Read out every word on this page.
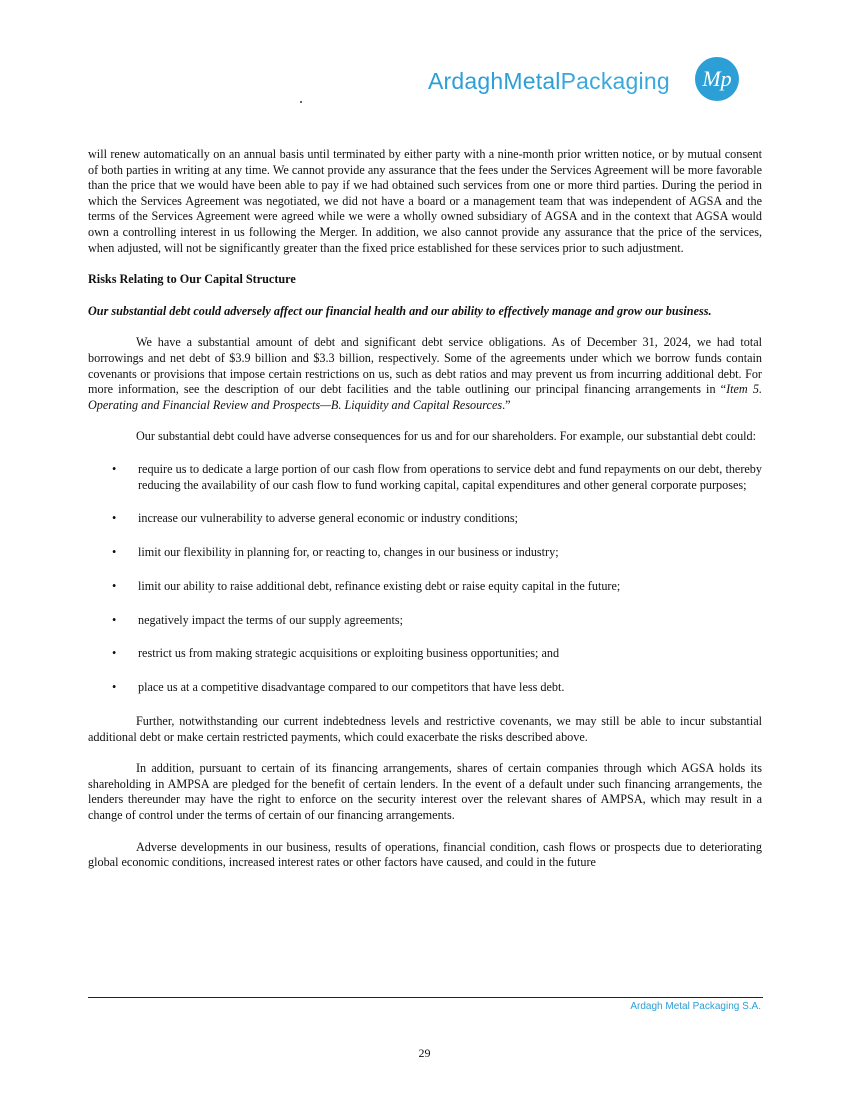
ArdaghMetalPackaging Mp

will renew automatically on an annual basis until terminated by either party with a nine-month prior written notice, or by mutual consent of both parties in writing at any time. We cannot provide any assurance that the fees under the Services Agreement will be more favorable than the price that we would have been able to pay if we had obtained such services from one or more third parties. During the period in which the Services Agreement was negotiated, we did not have a board or a management team that was independent of AGSA and the terms of the Services Agreement were agreed while we were a wholly owned subsidiary of AGSA and in the context that AGSA would own a controlling interest in us following the Merger. In addition, we also cannot provide any assurance that the price of the services, when adjusted, will not be significantly greater than the fixed price established for these services prior to such adjustment.

Risks Relating to Our Capital Structure

Our substantial debt could adversely affect our financial health and our ability to effectively manage and grow our business.

We have a substantial amount of debt and significant debt service obligations. As of December 31, 2024, we had total borrowings and net debt of $3.9 billion and $3.3 billion, respectively. Some of the agreements under which we borrow funds contain covenants or provisions that impose certain restrictions on us, such as debt ratios and may prevent us from incurring additional debt. For more information, see the description of our debt facilities and the table outlining our principal financing arrangements in “Item 5. Operating and Financial Review and Prospects—B. Liquidity and Capital Resources.”

Our substantial debt could have adverse consequences for us and for our shareholders. For example, our substantial debt could:

• require us to dedicate a large portion of our cash flow from operations to service debt and fund repayments on our debt, thereby reducing the availability of our cash flow to fund working capital, capital expenditures and other general corporate purposes;
• increase our vulnerability to adverse general economic or industry conditions;
• limit our flexibility in planning for, or reacting to, changes in our business or industry;
• limit our ability to raise additional debt, refinance existing debt or raise equity capital in the future;
• negatively impact the terms of our supply agreements;
• restrict us from making strategic acquisitions or exploiting business opportunities; and
• place us at a competitive disadvantage compared to our competitors that have less debt.

Further, notwithstanding our current indebtedness levels and restrictive covenants, we may still be able to incur substantial additional debt or make certain restricted payments, which could exacerbate the risks described above.

In addition, pursuant to certain of its financing arrangements, shares of certain companies through which AGSA holds its shareholding in AMPSA are pledged for the benefit of certain lenders. In the event of a default under such financing arrangements, the lenders thereunder may have the right to enforce on the security interest over the relevant shares of AMPSA, which may result in a change of control under the terms of certain of our financing arrangements.

Adverse developments in our business, results of operations, financial condition, cash flows or prospects due to deteriorating global economic conditions, increased interest rates or other factors have caused, and could in the future

Ardagh Metal Packaging S.A.
29
